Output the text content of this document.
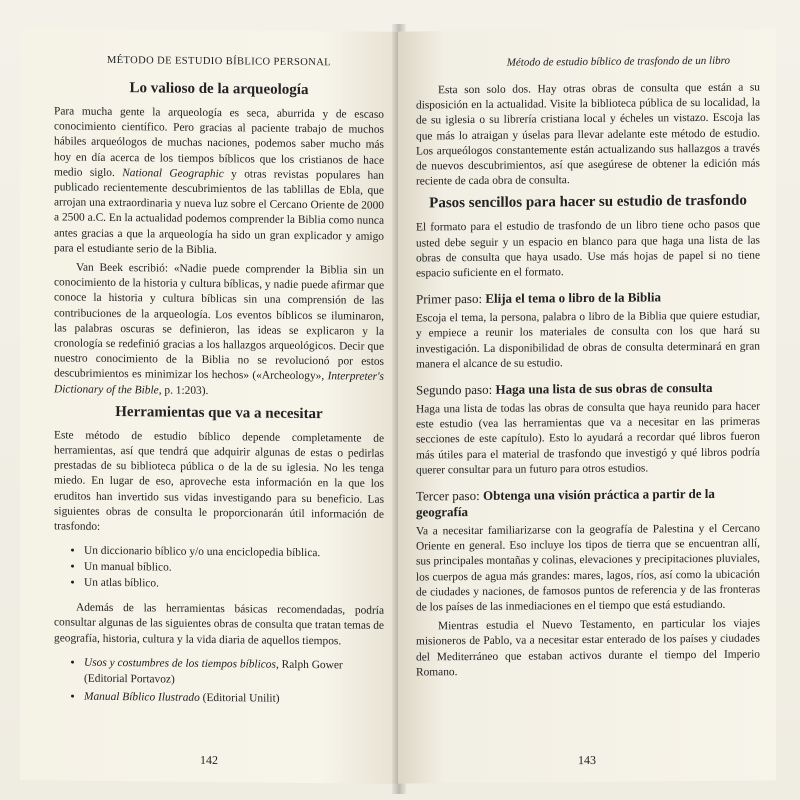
MÉTODO DE ESTUDIO BÍBLICO PERSONAL
Lo valioso de la arqueología

Para mucha gente la arqueología es seca, aburrida y de escaso conocimiento científico. Pero gracias al paciente trabajo de muchos hábiles arqueólogos de muchas naciones, podemos saber mucho más hoy en día acerca de los tiempos bíblicos que los cristianos de hace medio siglo. National Geographic y otras revistas populares han publicado recientemente descubrimientos de las tablillas de Ebla, que arrojan una extraordinaria y nueva luz sobre el Cercano Oriente de 2000 a 2500 a.C. En la actualidad podemos comprender la Biblia como nunca antes gracias a que la arqueología ha sido un gran explicador y amigo para el estudiante serio de la Biblia.

Van Beek escribió: «Nadie puede comprender la Biblia sin un conocimiento de la historia y cultura bíblicas, y nadie puede afirmar que conoce la historia y cultura bíblicas sin una comprensión de las contribuciones de la arqueología. Los eventos bíblicos se iluminaron, las palabras oscuras se definieron, las ideas se explicaron y la cronología se redefinió gracias a los hallazgos arqueológicos. Decir que nuestro conocimiento de la Biblia no se revolucionó por estos descubrimientos es minimizar los hechos» («Archeology», Interpreter's Dictionary of the Bible, p. 1:203).

Herramientas que va a necesitar

Este método de estudio bíblico depende completamente de herramientas, así que tendrá que adquirir algunas de estas o pedirlas prestadas de su biblioteca pública o de la de su iglesia. No les tenga miedo. En lugar de eso, aproveche esta información en la que los eruditos han invertido sus vidas investigando para su beneficio. Las siguientes obras de consulta le proporcionarán útil información de trasfondo:

• Un diccionario bíblico y/o una enciclopedia bíblica.
• Un manual bíblico.
• Un atlas bíblico.

Además de las herramientas básicas recomendadas, podría consultar algunas de las siguientes obras de consulta que tratan temas de geografía, historia, cultura y la vida diaria de aquellos tiempos.

• Usos y costumbres de los tiempos bíblicos, Ralph Gower (Editorial Portavoz)
• Manual Bíblico Ilustrado (Editorial Unilit)
142
Método de estudio bíblico de trasfondo de un libro

Esta son solo dos. Hay otras obras de consulta que están a su disposición en la actualidad. Visite la biblioteca pública de su localidad, la de su iglesia o su librería cristiana local y écheles un vistazo. Escoja las que más lo atraigan y úselas para llevar adelante este método de estudio. Los arqueólogos constantemente están actualizando sus hallazgos a través de nuevos descubrimientos, así que asegúrese de obtener la edición más reciente de cada obra de consulta.

Pasos sencillos para hacer su estudio de trasfondo

El formato para el estudio de trasfondo de un libro tiene ocho pasos que usted debe seguir y un espacio en blanco para que haga una lista de las obras de consulta que haya usado. Use más hojas de papel si no tiene espacio suficiente en el formato.

Primer paso: Elija el tema o libro de la Biblia

Escoja el tema, la persona, palabra o libro de la Biblia que quiere estudiar, y empiece a reunir los materiales de consulta con los que hará su investigación. La disponibilidad de obras de consulta determinará en gran manera el alcance de su estudio.

Segundo paso: Haga una lista de sus obras de consulta

Haga una lista de todas las obras de consulta que haya reunido para hacer este estudio (vea las herramientas que va a necesitar en las primeras secciones de este capítulo). Esto lo ayudará a recordar qué libros fueron más útiles para el material de trasfondo que investigó y qué libros podría querer consultar para un futuro para otros estudios.

Tercer paso: Obtenga una visión práctica a partir de la geografía

Va a necesitar familiarizarse con la geografía de Palestina y el Cercano Oriente en general. Eso incluye los tipos de tierra que se encuentran allí, sus principales montañas y colinas, elevaciones y precipitaciones pluviales, los cuerpos de agua más grandes: mares, lagos, ríos, así como la ubicación de ciudades y naciones, de famosos puntos de referencia y de las fronteras de los países de las inmediaciones en el tiempo que está estudiando.

Mientras estudia el Nuevo Testamento, en particular los viajes misioneros de Pablo, va a necesitar estar enterado de los países y ciudades del Mediterráneo que estaban activos durante el tiempo del Imperio Romano.

143
